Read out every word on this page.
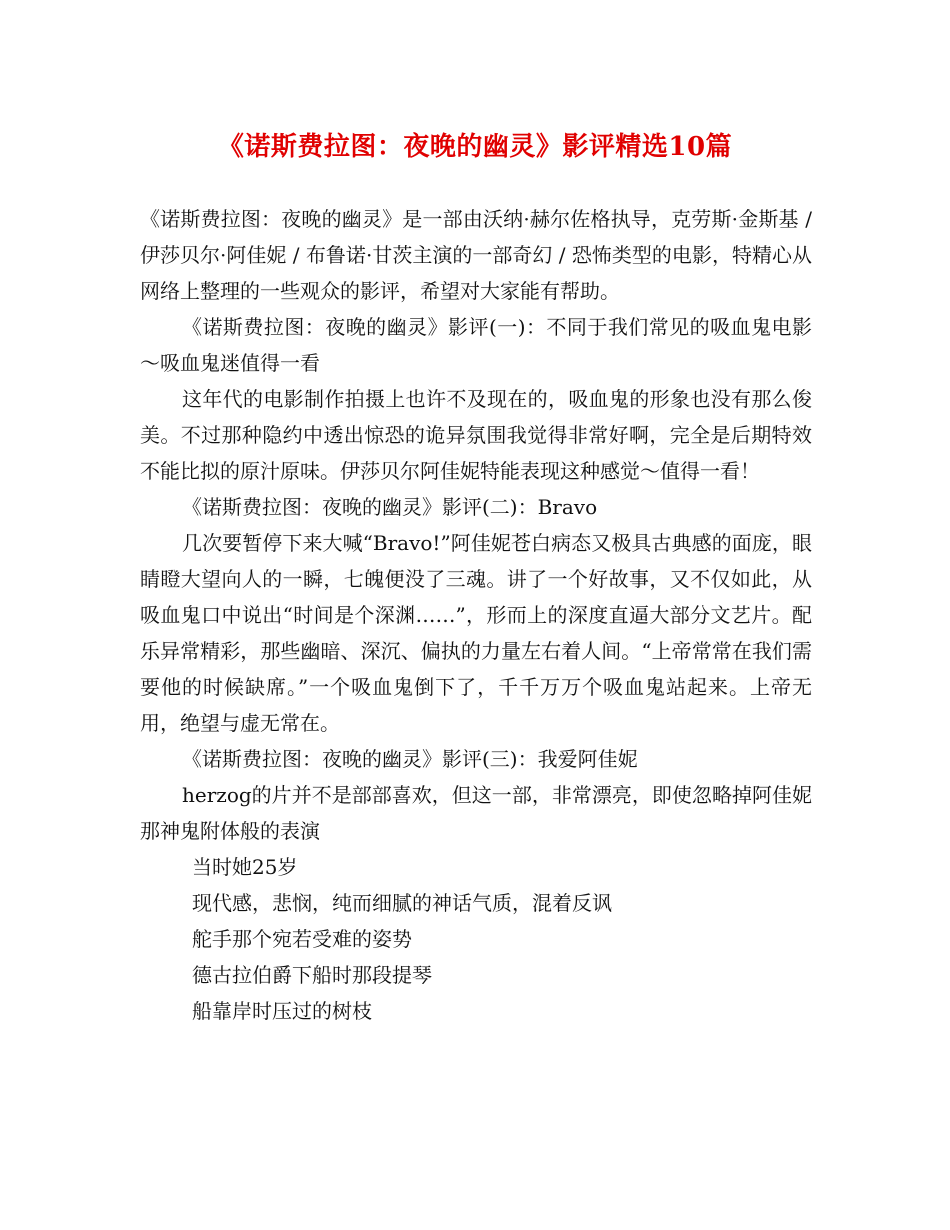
《诺斯费拉图：夜晚的幽灵》影评精选10篇

《诺斯费拉图：夜晚的幽灵》是一部由沃纳·赫尔佐格执导，克劳斯·金斯基 / 伊莎贝尔·阿佳妮 / 布鲁诺·甘茨主演的一部奇幻 / 恐怖类型的电影，特精心从网络上整理的一些观众的影评，希望对大家能有帮助。

《诺斯费拉图：夜晚的幽灵》影评(一)：不同于我们常见的吸血鬼电影～吸血鬼迷值得一看

这年代的电影制作拍摄上也许不及现在的，吸血鬼的形象也没有那么俊美。不过那种隐约中透出惊恐的诡异氛围我觉得非常好啊，完全是后期特效不能比拟的原汁原味。伊莎贝尔阿佳妮特能表现这种感觉～值得一看！

《诺斯费拉图：夜晚的幽灵》影评(二)：Bravo

几次要暂停下来大喊“Bravo!”阿佳妮苍白病态又极具古典感的面庞，眼睛瞪大望向人的一瞬，七魄便没了三魂。讲了一个好故事，又不仅如此，从吸血鬼口中说出“时间是个深渊……”，形而上的深度直逼大部分文艺片。配乐异常精彩，那些幽暗、深沉、偏执的力量左右着人间。“上帝常常在我们需要他的时候缺席。”一个吸血鬼倒下了，千千万万个吸血鬼站起来。上帝无用，绝望与虚无常在。

《诺斯费拉图：夜晚的幽灵》影评(三)：我爱阿佳妮

herzog的片并不是部部喜欢，但这一部，非常漂亮，即使忽略掉阿佳妮那神鬼附体般的表演

当时她25岁

现代感，悲悯，纯而细腻的神话气质，混着反讽

舵手那个宛若受难的姿势

德古拉伯爵下船时那段提琴

船靠岸时压过的树枝
